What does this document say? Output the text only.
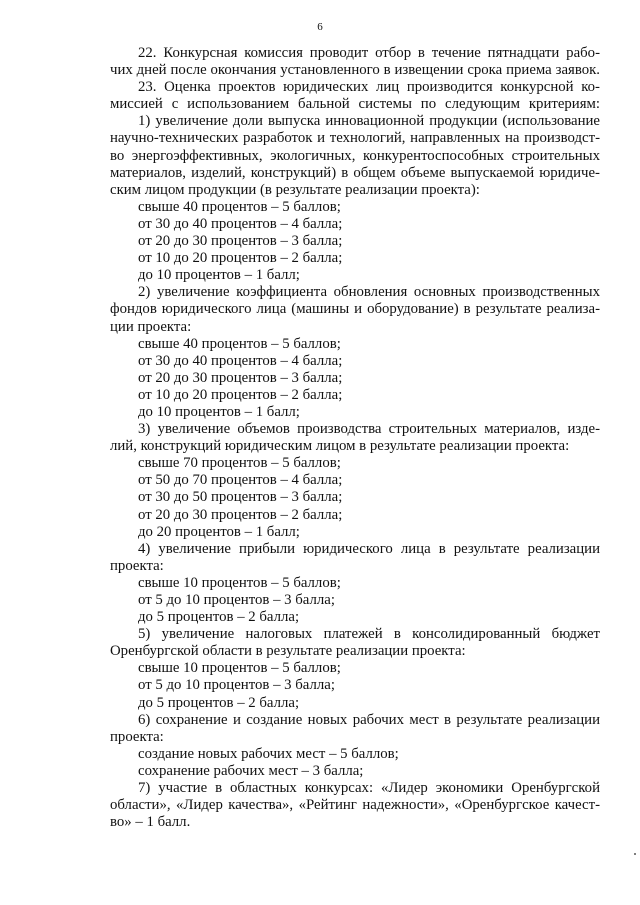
6
22. Конкурсная комиссия проводит отбор в течение пятнадцати рабо-
чих дней после окончания установленного в извещении срока приема заявок.
23. Оценка проектов юридических лиц производится конкурсной ко-
миссией с использованием бальной системы по следующим критериям:
1) увеличение доли выпуска инновационной продукции (использование
научно-технических разработок и технологий, направленных на производст-
во энергоэффективных, экологичных, конкурентоспособных строительных
материалов, изделий, конструкций) в общем объеме выпускаемой юридиче-
ским лицом продукции (в результате реализации проекта):
свыше 40 процентов – 5 баллов;
от 30 до 40 процентов – 4 балла;
от 20 до 30 процентов – 3 балла;
от 10 до 20 процентов – 2 балла;
до 10 процентов – 1 балл;
2) увеличение коэффициента обновления основных производственных
фондов юридического лица (машины и оборудование) в результате реализа-
ции проекта:
свыше 40 процентов – 5 баллов;
от 30 до 40 процентов – 4 балла;
от 20 до 30 процентов – 3 балла;
от 10 до 20 процентов – 2 балла;
до 10 процентов – 1 балл;
3) увеличение объемов производства строительных материалов, изде-
лий, конструкций юридическим лицом в результате реализации проекта:
свыше 70 процентов – 5 баллов;
от 50 до 70 процентов – 4 балла;
от 30 до 50 процентов – 3 балла;
от 20 до 30 процентов – 2 балла;
до 20 процентов – 1 балл;
4) увеличение прибыли юридического лица в результате реализации
проекта:
свыше 10 процентов – 5 баллов;
от 5 до 10 процентов – 3 балла;
до 5 процентов – 2 балла;
5) увеличение налоговых платежей в консолидированный бюджет
Оренбургской области в результате реализации проекта:
свыше 10 процентов – 5 баллов;
от 5 до 10 процентов – 3 балла;
до 5 процентов – 2 балла;
6) сохранение и создание новых рабочих мест в результате реализации
проекта:
создание новых рабочих мест – 5 баллов;
сохранение рабочих мест – 3 балла;
7) участие в областных конкурсах: «Лидер экономики Оренбургской
области», «Лидер качества», «Рейтинг надежности», «Оренбургское качест-
во» – 1 балл.
